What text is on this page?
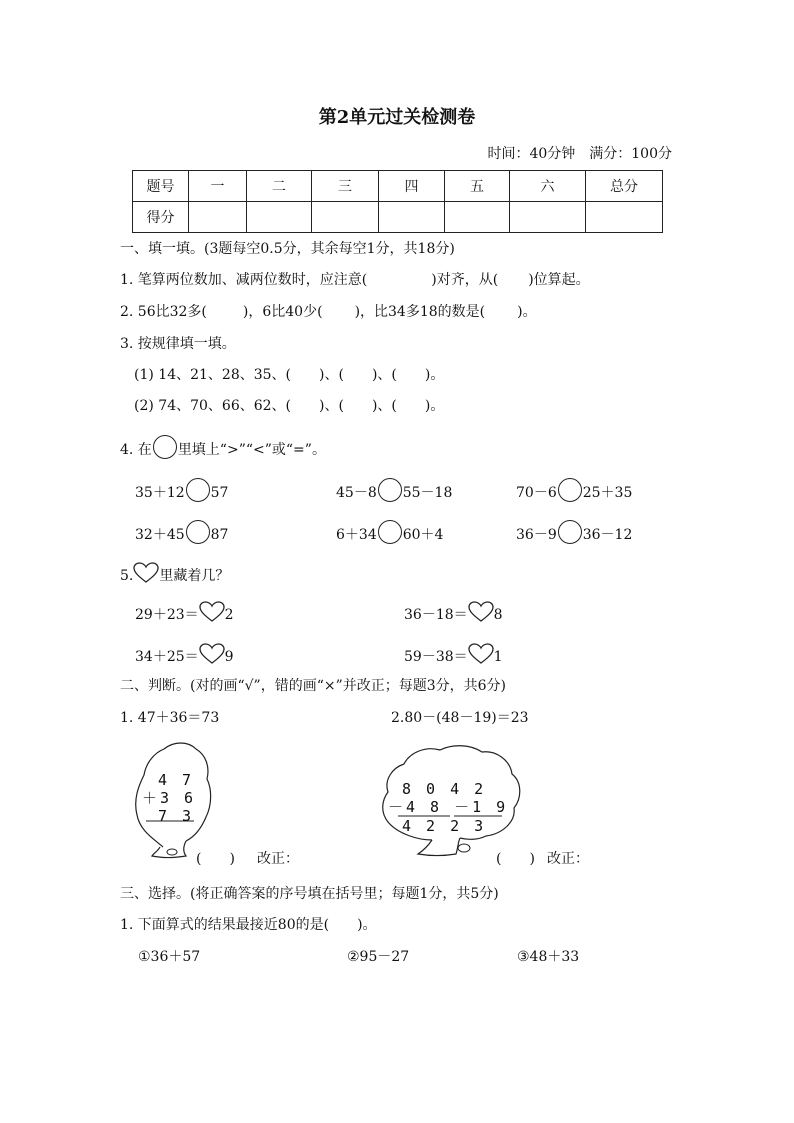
第2单元过关检测卷
时间：40分钟　满分：100分
题号	一	二	三	四	五	六	总分
得分							
一、填一填。(3题每空0.5分，其余每空1分，共18分)
1. 笔算两位数加、减两位数时，应注意(	)对齐，从( )位算起。
2. 56比32多(	)，6比40少( )，比34多18的数是( )。
3. 按规律填一填。
(1) 14、21、28、35、( )、( )、( )。
(2) 74、70、66、62、( )、( )、( )。
4. 在 里填上“>”“<”或“=”。
35＋12 57	45－8 55－18	70－6 25＋35
32＋45 87	6＋34 60＋4	36－9 36－12
5. 里藏着几？
29＋23＝ 2	36－18＝ 8
34＋25＝ 9	59－38＝ 1
二、判断。(对的画“√”，错的画“×”并改正；每题3分，共6分)
1. 47＋36＝73	2.80－(48－19)＝23
4 7
＋3 6
7 3
(　　) 改正：
8 0 4 2
－4 8 －1 9
4 2 2 3
(　　) 改正：
三、选择。(将正确答案的序号填在括号里；每题1分，共5分)
1. 下面算式的结果最接近80的是(　　)。
①36＋57	②95－27	③48＋33
